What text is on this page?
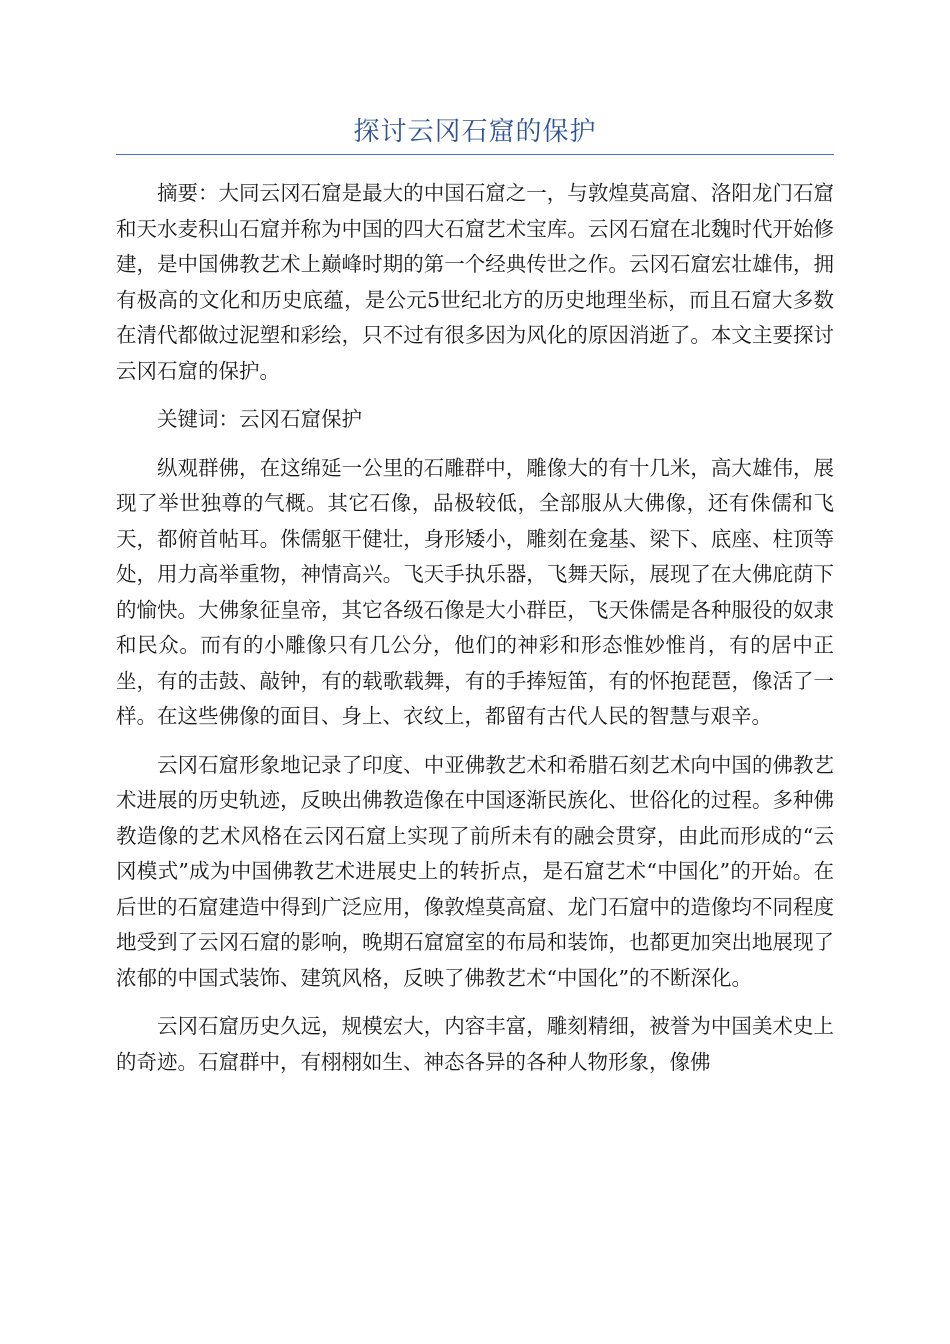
探讨云冈石窟的保护

摘要：大同云冈石窟是最大的中国石窟之一，与敦煌莫高窟、洛阳龙门石窟和天水麦积山石窟并称为中国的四大石窟艺术宝库。云冈石窟在北魏时代开始修建，是中国佛教艺术上巅峰时期的第一个经典传世之作。云冈石窟宏壮雄伟，拥有极高的文化和历史底蕴，是公元5世纪北方的历史地理坐标，而且石窟大多数在清代都做过泥塑和彩绘，只不过有很多因为风化的原因消逝了。本文主要探讨云冈石窟的保护。

关键词：云冈石窟保护

纵观群佛，在这绵延一公里的石雕群中，雕像大的有十几米，高大雄伟，展现了举世独尊的气概。其它石像，品极较低，全部服从大佛像，还有侏儒和飞天，都俯首帖耳。侏儒躯干健壮，身形矮小，雕刻在龛基、梁下、底座、柱顶等处，用力高举重物，神情高兴。飞天手执乐器，飞舞天际，展现了在大佛庇荫下的愉快。大佛象征皇帝，其它各级石像是大小群臣，飞天侏儒是各种服役的奴隶和民众。而有的小雕像只有几公分，他们的神彩和形态惟妙惟肖，有的居中正坐，有的击鼓、敲钟，有的载歌载舞，有的手捧短笛，有的怀抱琵琶，像活了一样。在这些佛像的面目、身上、衣纹上，都留有古代人民的智慧与艰辛。

云冈石窟形象地记录了印度、中亚佛教艺术和希腊石刻艺术向中国的佛教艺术进展的历史轨迹，反映出佛教造像在中国逐渐民族化、世俗化的过程。多种佛教造像的艺术风格在云冈石窟上实现了前所未有的融会贯穿，由此而形成的“云冈模式”成为中国佛教艺术进展史上的转折点，是石窟艺术“中国化”的开始。在后世的石窟建造中得到广泛应用，像敦煌莫高窟、龙门石窟中的造像均不同程度地受到了云冈石窟的影响，晚期石窟窟室的布局和装饰，也都更加突出地展现了浓郁的中国式装饰、建筑风格，反映了佛教艺术“中国化”的不断深化。

云冈石窟历史久远，规模宏大，内容丰富，雕刻精细，被誉为中国美术史上的奇迹。石窟群中，有栩栩如生、神态各异的各种人物形象，像佛
